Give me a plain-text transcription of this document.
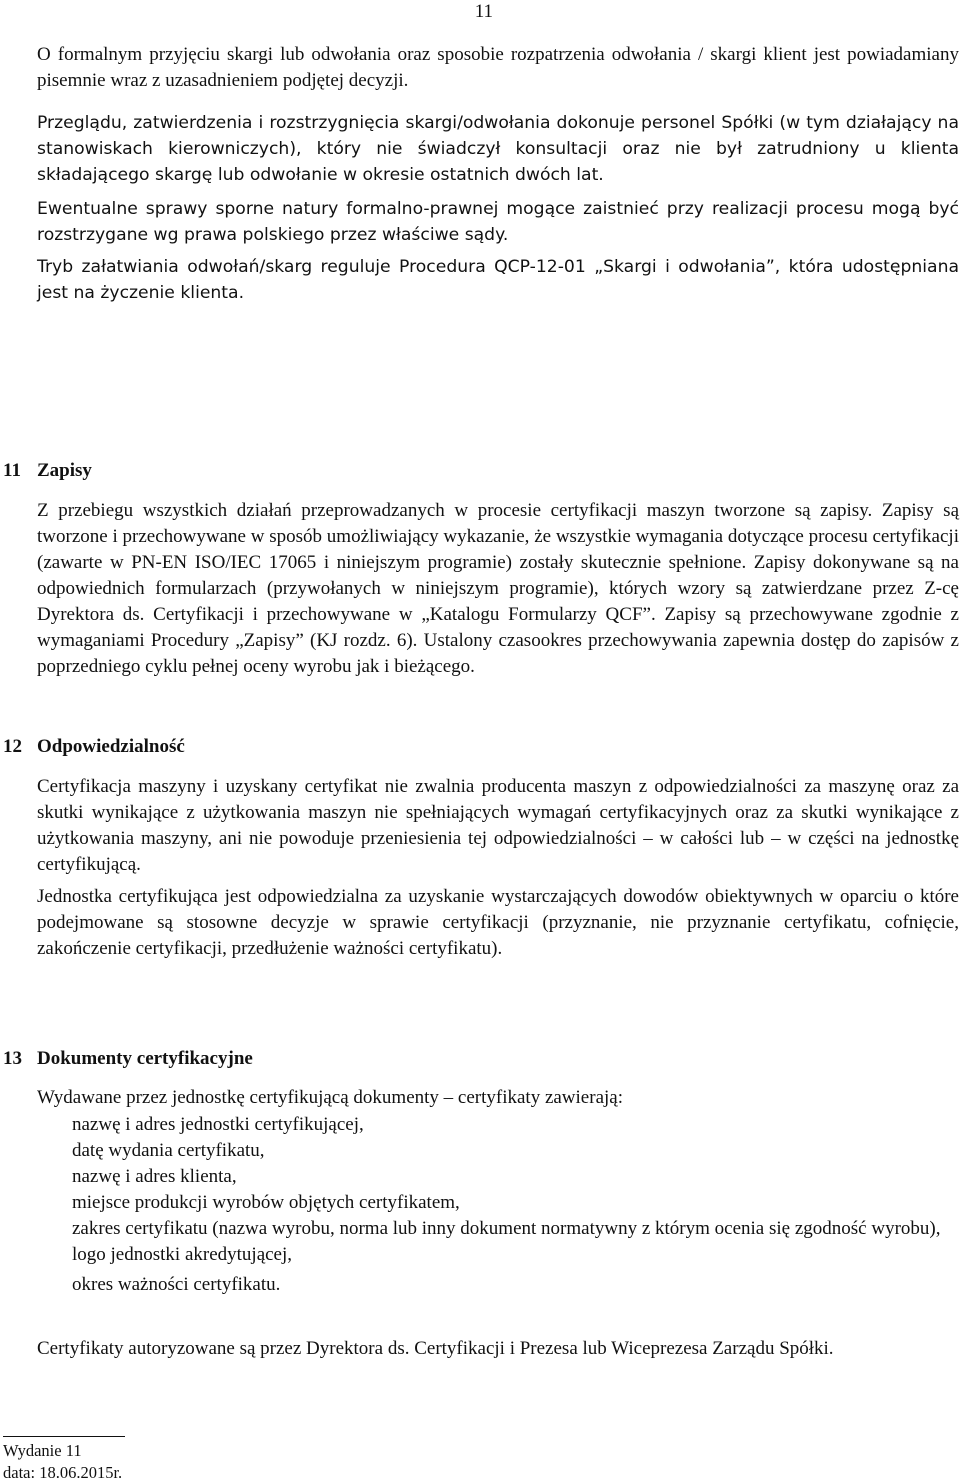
11

O formalnym przyjęciu skargi lub odwołania oraz sposobie rozpatrzenia odwołania / skargi klient jest powiadamiany pisemnie wraz z uzasadnieniem podjętej decyzji.

Przeglądu, zatwierdzenia i rozstrzygnięcia skargi/odwołania dokonuje personel Spółki (w tym działający na stanowiskach kierowniczych), który nie świadczył konsultacji oraz nie był zatrudniony u klienta składającego skargę lub odwołanie w okresie ostatnich dwóch lat.

Ewentualne sprawy sporne natury formalno-prawnej mogące zaistnieć przy realizacji procesu mogą być rozstrzygane wg prawa polskiego przez właściwe sądy.

Tryb załatwiania odwołań/skarg reguluje Procedura QCP-12-01 „Skargi i odwołania”, która udostępniana jest na życzenie klienta.

11 Zapisy

Z przebiegu wszystkich działań przeprowadzanych w procesie certyfikacji maszyn tworzone są zapisy. Zapisy są tworzone i przechowywane w sposób umożliwiający wykazanie, że wszystkie wymagania dotyczące procesu certyfikacji (zawarte w PN-EN ISO/IEC 17065 i niniejszym programie) zostały skutecznie spełnione. Zapisy dokonywane są na odpowiednich formularzach (przywołanych w niniejszym programie), których wzory są zatwierdzane przez Z-cę Dyrektora ds. Certyfikacji i przechowywane w „Katalogu Formularzy QCF”. Zapisy są przechowywane zgodnie z wymaganiami Procedury „Zapisy” (KJ rozdz. 6). Ustalony czasookres przechowywania zapewnia dostęp do zapisów z poprzedniego cyklu pełnej oceny wyrobu jak i bieżącego.

12 Odpowiedzialność

Certyfikacja maszyny i uzyskany certyfikat nie zwalnia producenta maszyn z odpowiedzialności za maszynę oraz za skutki wynikające z użytkowania maszyn nie spełniających wymagań certyfikacyjnych oraz za skutki wynikające z użytkowania maszyny, ani nie powoduje przeniesienia tej odpowiedzialności – w całości lub – w części na jednostkę certyfikującą.

Jednostka certyfikująca jest odpowiedzialna za uzyskanie wystarczających dowodów obiektywnych w oparciu o które podejmowane są stosowne decyzje w sprawie certyfikacji (przyznanie, nie przyznanie certyfikatu, cofnięcie, zakończenie certyfikacji, przedłużenie ważności certyfikatu).

13 Dokumenty certyfikacyjne

Wydawane przez jednostkę certyfikującą dokumenty – certyfikaty zawierają:

nazwę i adres jednostki certyfikującej,
datę wydania certyfikatu,
nazwę i adres klienta,
miejsce produkcji wyrobów objętych certyfikatem,
zakres certyfikatu (nazwa wyrobu, norma lub inny dokument normatywny z którym ocenia się zgodność wyrobu),
logo jednostki akredytującej,
okres ważności certyfikatu.

Certyfikaty autoryzowane są przez Dyrektora ds. Certyfikacji i Prezesa lub Wiceprezesa Zarządu Spółki.

Wydanie 11
data: 18.06.2015r.
